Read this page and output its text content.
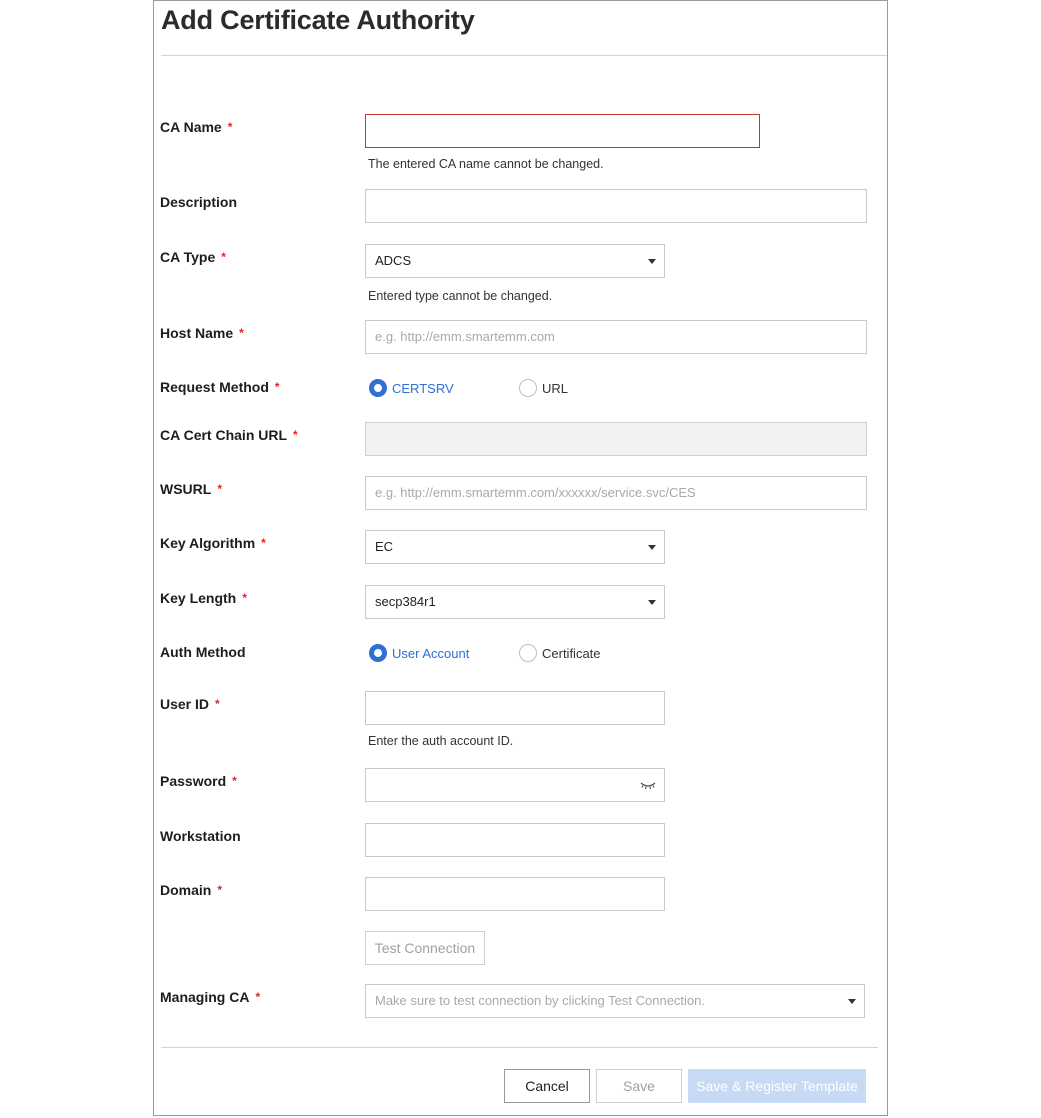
Add Certificate Authority
CA Name *
The entered CA name cannot be changed.
Description
CA Type *	ADCS
Entered type cannot be changed.
Host Name *	e.g. http://emm.smartemm.com
Request Method *	CERTSRV	URL
CA Cert Chain URL *
WSURL *	e.g. http://emm.smartemm.com/xxxxxx/service.svc/CES
Key Algorithm *	EC
Key Length *	secp384r1
Auth Method	User Account	Certificate
User ID *
Enter the auth account ID.
Password *
Workstation
Domain *
Test Connection
Managing CA *	Make sure to test connection by clicking Test Connection.
Cancel	Save	Save & Register Template
